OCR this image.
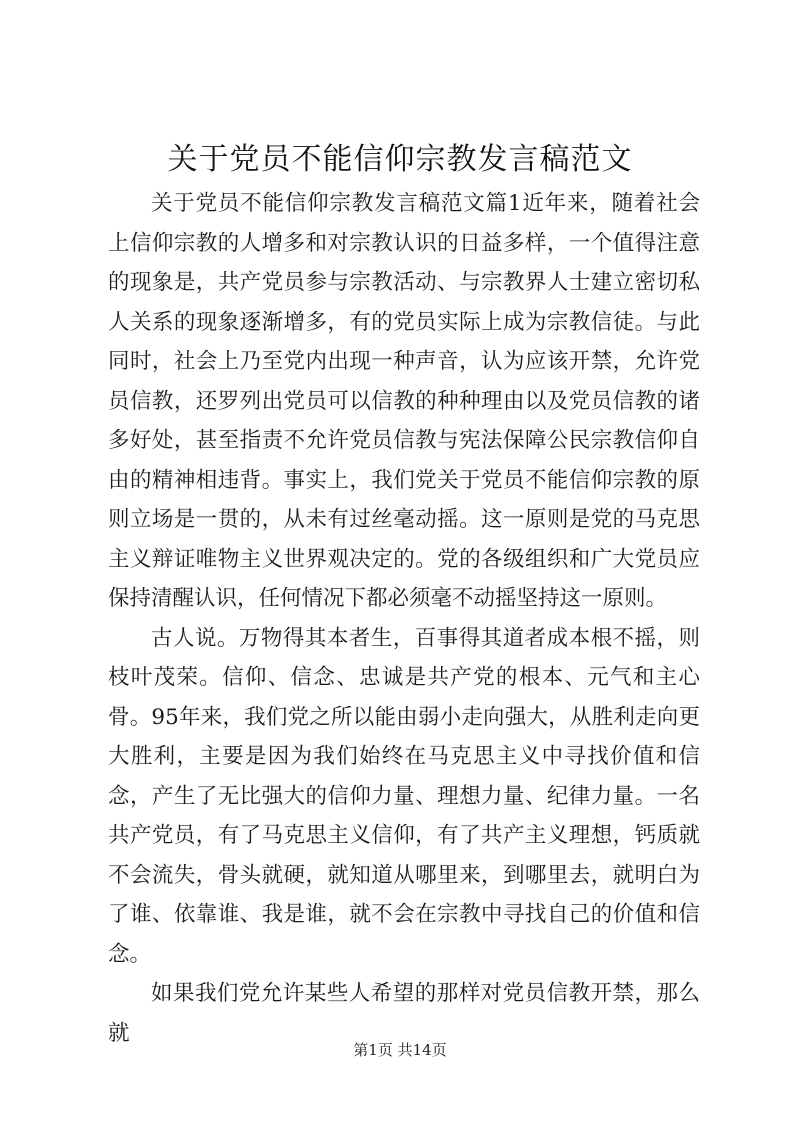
关于党员不能信仰宗教发言稿范文

关于党员不能信仰宗教发言稿范文篇1近年来，随着社会上信仰宗教的人增多和对宗教认识的日益多样，一个值得注意的现象是，共产党员参与宗教活动、与宗教界人士建立密切私人关系的现象逐渐增多，有的党员实际上成为宗教信徒。与此同时，社会上乃至党内出现一种声音，认为应该开禁，允许党员信教，还罗列出党员可以信教的种种理由以及党员信教的诸多好处，甚至指责不允许党员信教与宪法保障公民宗教信仰自由的精神相违背。事实上，我们党关于党员不能信仰宗教的原则立场是一贯的，从未有过丝毫动摇。这一原则是党的马克思主义辩证唯物主义世界观决定的。党的各级组织和广大党员应保持清醒认识，任何情况下都必须毫不动摇坚持这一原则。

古人说。万物得其本者生，百事得其道者成本根不摇，则枝叶茂荣。信仰、信念、忠诚是共产党的根本、元气和主心骨。95年来，我们党之所以能由弱小走向强大，从胜利走向更大胜利，主要是因为我们始终在马克思主义中寻找价值和信念，产生了无比强大的信仰力量、理想力量、纪律力量。一名共产党员，有了马克思主义信仰，有了共产主义理想，钙质就不会流失，骨头就硬，就知道从哪里来，到哪里去，就明白为了谁、依靠谁、我是谁，就不会在宗教中寻找自己的价值和信念。

如果我们党允许某些人希望的那样对党员信教开禁，那么就

第1页 共14页
